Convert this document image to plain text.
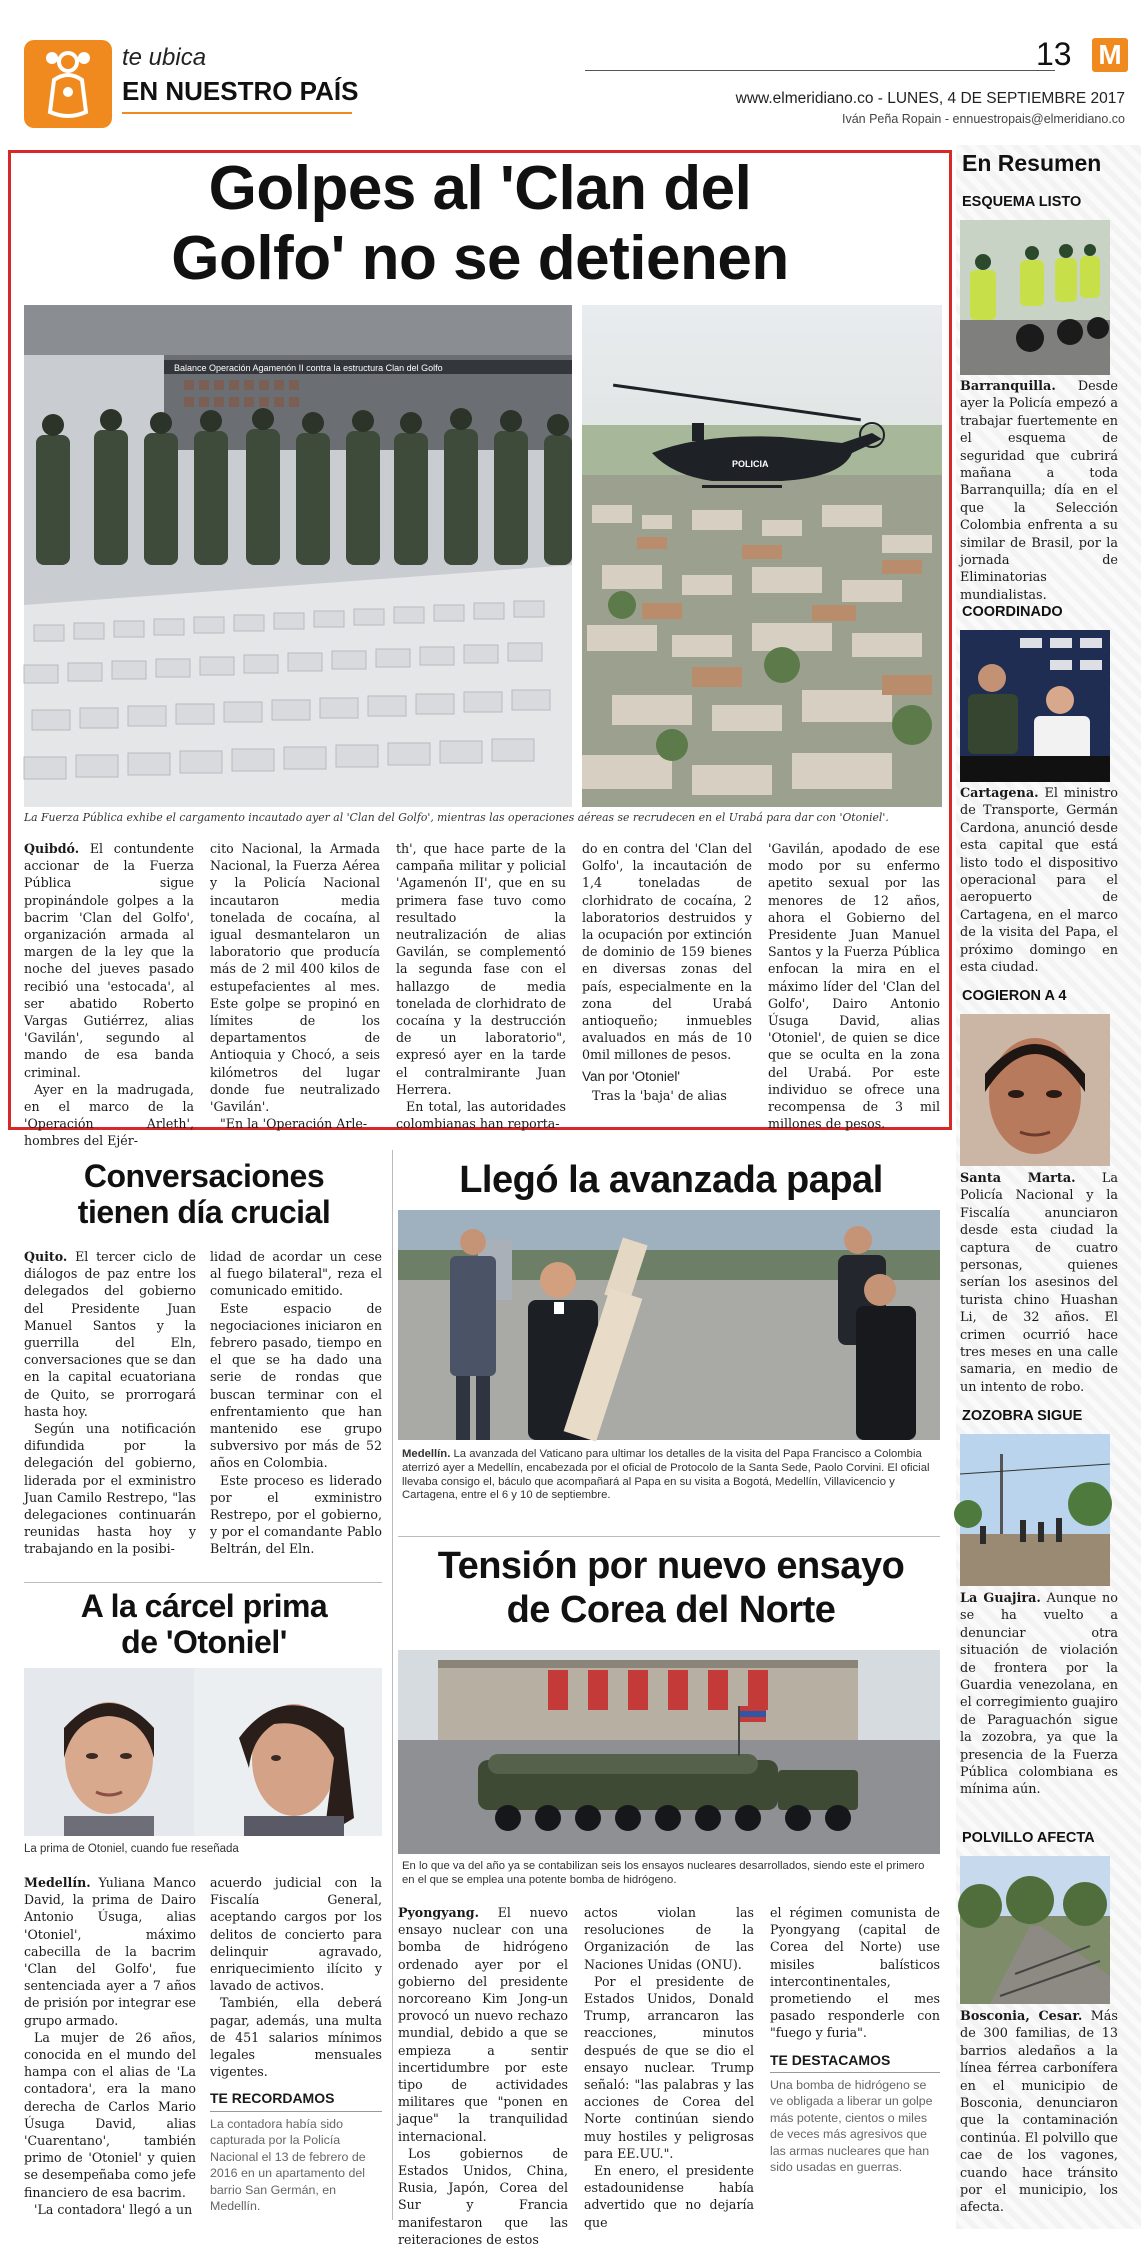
te ubica
EN NUESTRO PAÍS
13 M
www.elmeridiano.co - LUNES, 4 DE SEPTIEMBRE 2017
Iván Peña Ropain - ennuestropais@elmeridiano.co
Golpes al 'Clan del
Golfo' no se detienen
Balance Operación Agamenón II contra la estructura Clan del Golfo
POLICIA
La Fuerza Pública exhibe el cargamento incautado ayer al 'Clan del Golfo', mientras las operaciones aéreas se recrudecen en el Urabá para dar con 'Otoniel'.

Quibdó. El contundente accionar de la Fuerza Pública sigue propinándole golpes a la bacrim 'Clan del Golfo', organización armada al margen de la ley que la noche del jueves pasado recibió una 'estocada', al ser abatido Roberto Vargas Gutiérrez, alias 'Gavilán', segundo al mando de esa banda criminal.

Ayer en la madrugada, en el marco de la 'Operación Arleth', hombres del Ejér-

cito Nacional, la Armada Nacional, la Fuerza Aérea y la Policía Nacional incautaron media tonelada de cocaína, al igual desmantelaron un laboratorio que producía más de 2 mil 400 kilos de estupefacientes al mes. Este golpe se propinó en límites de los departamentos de Antioquia y Chocó, a seis kilómetros del lugar donde fue neutralizado 'Gavilán'.

"En la 'Operación Arle-

th', que hace parte de la campaña militar y policial 'Agamenón II', que en su primera fase tuvo como resultado la neutralización de alias Gavilán, se complementó la segunda fase con el hallazgo de media tonelada de clorhidrato de cocaína y la destrucción de un laboratorio", expresó ayer en la tarde el contralmirante Juan Herrera.

En total, las autoridades colombianas han reporta-

do en contra del 'Clan del Golfo', la incautación de 1,4 toneladas de clorhidrato de cocaína, 2 laboratorios destruidos y la ocupación por extinción de dominio de 159 bienes en diversas zonas del país, especialmente en la zona del Urabá antioqueño; inmuebles avaluados en más de 10 0mil millones de pesos.

Van por 'Otoniel'

Tras la 'baja' de alias

'Gavilán, apodado de ese modo por su enfermo apetito sexual por las menores de 12 años, ahora el Gobierno del Presidente Juan Manuel Santos y la Fuerza Pública enfocan la mira en el máximo líder del 'Clan del Golfo', Dairo Antonio Úsuga David, alias 'Otoniel', de quien se dice que se oculta en la zona del Urabá. Por este individuo se ofrece una recompensa de 3 mil millones de pesos.

Conversaciones
tienen día crucial

Quito. El tercer ciclo de diálogos de paz entre los delegados del gobierno del Presidente Juan Manuel Santos y la guerrilla del Eln, conversaciones que se dan en la capital ecuatoriana de Quito, se prorrogará hasta hoy.

Según una notificación difundida por la delegación del gobierno, liderada por el exministro Juan Camilo Restrepo, "las delegaciones continuarán reunidas hasta hoy y trabajando en la posibi-

lidad de acordar un cese al fuego bilateral", reza el comunicado emitido.

Este espacio de negociaciones iniciaron en febrero pasado, tiempo en el que se ha dado una serie de rondas que buscan terminar con el enfrentamiento que han mantenido ese grupo subversivo por más de 52 años en Colombia.

Este proceso es liderado por el exministro Restrepo, por el gobierno, y por el comandante Pablo Beltrán, del Eln.

A la cárcel prima
de 'Otoniel'
La prima de Otoniel, cuando fue reseñada

Medellín. Yuliana Manco David, la prima de Dairo Antonio Úsuga, alias 'Otoniel', máximo cabecilla de la bacrim 'Clan del Golfo', fue sentenciada ayer a 7 años de prisión por integrar ese grupo armado.

La mujer de 26 años, conocida en el mundo del hampa con el alias de 'La contadora', era la mano derecha de Carlos Mario Úsuga David, alias 'Cuarentano', también primo de 'Otoniel' y quien se desempeñaba como jefe financiero de esa bacrim.

'La contadora' llegó a un

acuerdo judicial con la Fiscalía General, aceptando cargos por los delitos de concierto para delinquir agravado, enriquecimiento ilícito y lavado de activos.

También, ella deberá pagar, además, una multa de 451 salarios mínimos legales mensuales vigentes.

TE RECORDAMOS
La contadora había sido capturada por la Policía Nacional el 13 de febrero de 2016 en un apartamento del barrio San Germán, en Medellín.
Llegó la avanzada papal
Medellín. La avanzada del Vaticano para ultimar los detalles de la visita del Papa Francisco a Colombia aterrizó ayer a Medellín, encabezada por el oficial de Protocolo de la Santa Sede, Paolo Corvini. El oficial llevaba consigo el, báculo que acompañará al Papa en su visita a Bogotá, Medellín, Villavicencio y Cartagena, entre el 6 y 10 de septiembre.
Tensión por nuevo ensayo
de Corea del Norte
En lo que va del año ya se contabilizan seis los ensayos nucleares desarrollados, siendo este el primero en el que se emplea una potente bomba de hidrógeno.

Pyongyang. El nuevo ensayo nuclear con una bomba de hidrógeno ordenado ayer por el gobierno del presidente norcoreano Kim Jong-un provocó un nuevo rechazo mundial, debido a que se empieza a sentir incertidumbre por este tipo de actividades militares que "ponen en jaque" la tranquilidad internacional.

Los gobiernos de Estados Unidos, China, Rusia, Japón, Corea del Sur y Francia manifestaron que las reiteraciones de estos

actos violan las resoluciones de la Organización de las Naciones Unidas (ONU).

Por el presidente de Estados Unidos, Donald Trump, arrancaron las reacciones, minutos después de que se dio el ensayo nuclear. Trump señaló: "las palabras y las acciones de Corea del Norte continúan siendo muy hostiles y peligrosas para EE.UU.".

En enero, el presidente estadounidense había advertido que no dejaría que

el régimen comunista de Pyongyang (capital de Corea del Norte) use misiles balísticos intercontinentales, prometiendo el mes pasado responderle con "fuego y furia".

TE DESTACAMOS
Una bomba de hidrógeno se ve obligada a liberar un golpe más potente, cientos o miles de veces más agresivos que las armas nucleares que han sido usadas en guerras.
En Resumen
ESQUEMA LISTO
Barranquilla. Desde ayer la Policía empezó a trabajar fuertemente en el esquema de seguridad que cubrirá mañana a toda Barranquilla; día en el que la Selección Colombia enfrenta a su similar de Brasil, por la jornada de Eliminatorias mundialistas.
COORDINADO
Cartagena. El ministro de Transporte, Germán Cardona, anunció desde esta capital que está listo todo el dispositivo operacional para el aeropuerto de Cartagena, en el marco de la visita del Papa, el próximo domingo en esta ciudad.
COGIERON A 4
Santa Marta. La Policía Nacional y la Fiscalía anunciaron desde esta ciudad la captura de cuatro personas, quienes serían los asesinos del turista chino Huashan Li, de 32 años. El crimen ocurrió hace tres meses en una calle samaria, en medio de un intento de robo.
ZOZOBRA SIGUE
La Guajira. Aunque no se ha vuelto a denunciar otra situación de violación de frontera por la Guardia venezolana, en el corregimiento guajiro de Paraguachón sigue la zozobra, ya que la presencia de la Fuerza Pública colombiana es mínima aún.
POLVILLO AFECTA
Bosconia, Cesar. Más de 300 familias, de 13 barrios aledaños a la línea férrea carbonífera en el municipio de Bosconia, denunciaron que la contaminación continúa. El polvillo que cae de los vagones, cuando hace tránsito por el municipio, los afecta.
